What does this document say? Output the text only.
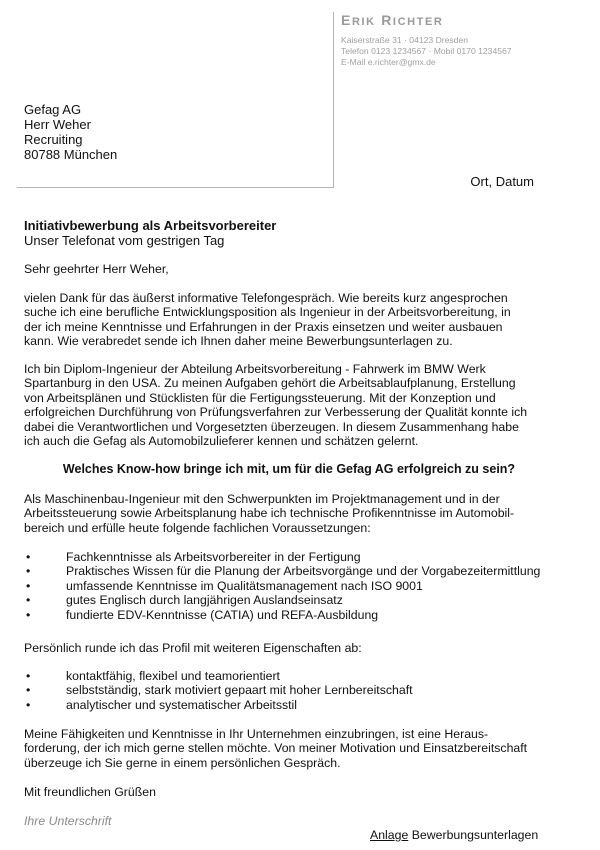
ERIK RICHTER
Kaiserstraße 31 · 04123 Dresden
Telefon 0123 1234567 · Mobil 0170 1234567
E-Mail e.richter@gmx.de
Gefag AG
Herr Weher
Recruiting
80788 München
Ort, Datum
Initiativbewerbung als Arbeitsvorbereiter
Unser Telefonat vom gestrigen Tag

Sehr geehrter Herr Weher,

vielen Dank für das äußerst informative Telefongespräch. Wie bereits kurz angesprochen

suche ich eine berufliche Entwicklungsposition als Ingenieur in der Arbeitsvorbereitung, in

der ich meine Kenntnisse und Erfahrungen in der Praxis einsetzen und weiter ausbauen

kann. Wie verabredet sende ich Ihnen daher meine Bewerbungsunterlagen zu.

Ich bin Diplom-Ingenieur der Abteilung Arbeitsvorbereitung - Fahrwerk im BMW Werk

Spartanburg in den USA. Zu meinen Aufgaben gehört die Arbeitsablaufplanung, Erstellung

von Arbeitsplänen und Stücklisten für die Fertigungssteuerung. Mit der Konzeption und

erfolgreichen Durchführung von Prüfungsverfahren zur Verbesserung der Qualität konnte ich

dabei die Verantwortlichen und Vorgesetzten überzeugen. In diesem Zusammenhang habe

ich auch die Gefag als Automobilzulieferer kennen und schätzen gelernt.

Welches Know-how bringe ich mit, um für die Gefag AG erfolgreich zu sein?

Als Maschinenbau-Ingenieur mit den Schwerpunkten im Projektmanagement und in der

Arbeitssteuerung sowie Arbeitsplanung habe ich technische Profikenntnisse im Automobil-

bereich und erfülle heute folgende fachlichen Voraussetzungen:

•	Fachkenntnisse als Arbeitsvorbereiter in der Fertigung
•	Praktisches Wissen für die Planung der Arbeitsvorgänge und der Vorgabezeitermittlung
•	umfassende Kenntnisse im Qualitätsmanagement nach ISO 9001
•	gutes Englisch durch langjährigen Auslandseinsatz
•	fundierte EDV-Kenntnisse (CATIA) und REFA-Ausbildung

Persönlich runde ich das Profil mit weiteren Eigenschaften ab:

•	kontaktfähig, flexibel und teamorientiert
•	selbstständig, stark motiviert gepaart mit hoher Lernbereitschaft
•	analytischer und systematischer Arbeitsstil

Meine Fähigkeiten und Kenntnisse in Ihr Unternehmen einzubringen, ist eine Heraus-

forderung, der ich mich gerne stellen möchte. Von meiner Motivation und Einsatzbereitschaft

überzeuge ich Sie gerne in einem persönlichen Gespräch.

Mit freundlichen Grüßen
Ihre Unterschrift
Anlage Bewerbungsunterlagen
